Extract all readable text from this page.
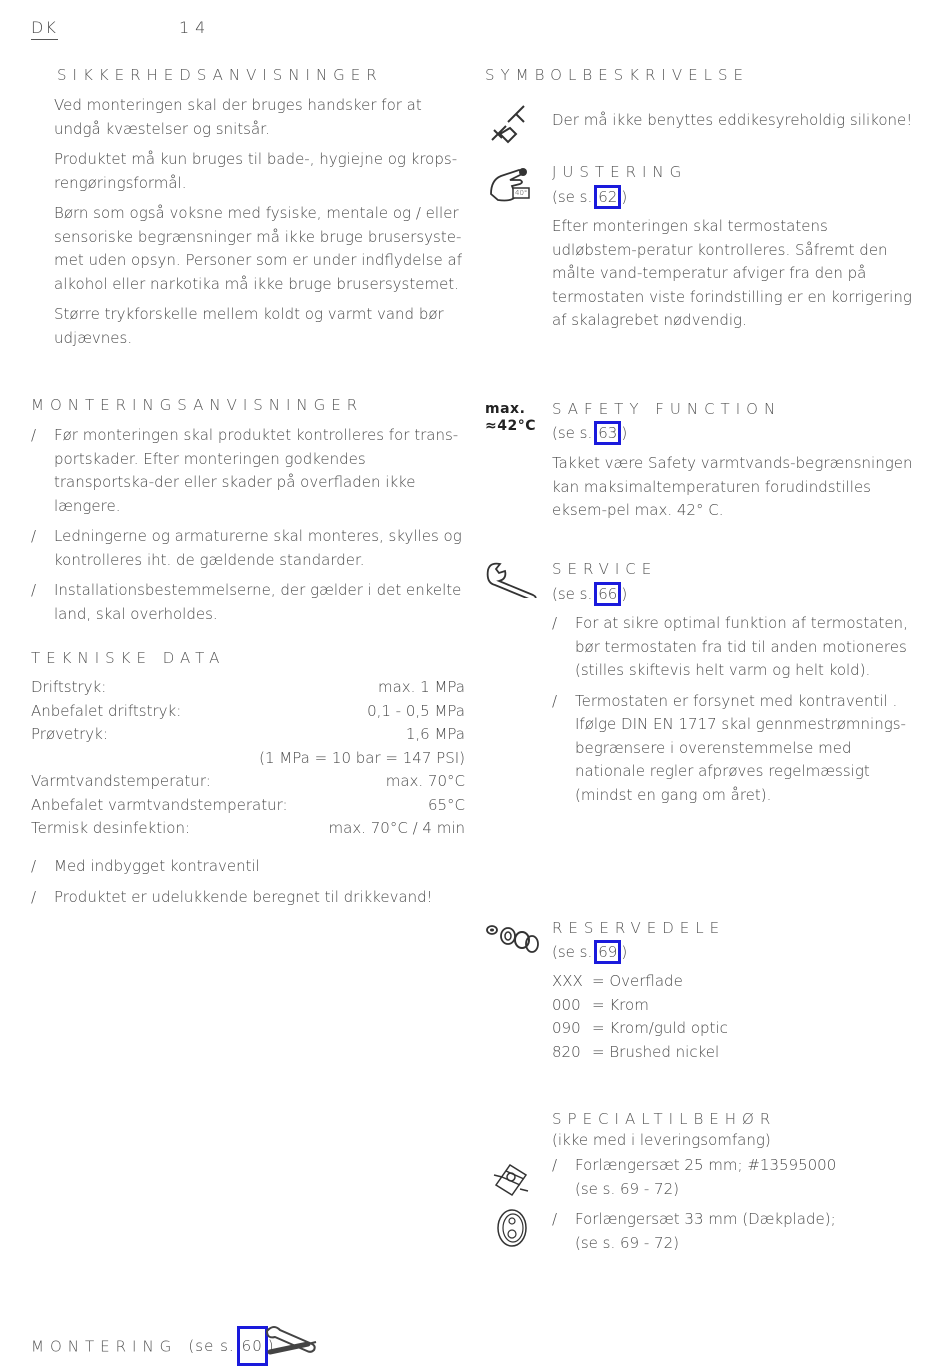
DK	14
SIKKERHEDSANVISNINGER
Ved monteringen skal der bruges handsker for at undgå kvæstelser og snitsår.
Produktet må kun bruges til bade-, hygiejne og krops-rengøringsformål.
Børn som også voksne med fysiske, mentale og / eller sensoriske begrænsninger må ikke bruge brusersyste-met uden opsyn. Personer som er under indflydelse af alkohol eller narkotika må ikke bruge brusersystemet.
Større trykforskelle mellem koldt og varmt vand bør udjævnes.
MONTERINGSANVISNINGER
/ Før monteringen skal produktet kontrolleres for trans-portskader. Efter monteringen godkendes transportska-der eller skader på overfladen ikke længere.
/ Ledningerne og armaturerne skal monteres, skylles og kontrolleres iht. de gældende standarder.
/ Installationsbestemmelserne, der gælder i det enkelte land, skal overholdes.
TEKNISKE DATA
Driftstryk:	max. 1 MPa
Anbefalet driftstryk:	0,1 - 0,5 MPa
Prøvetryk:	1,6 MPa
(1 MPa = 10 bar = 147 PSI)
Varmtvandstemperatur:	max. 70°C
Anbefalet varmtvandstemperatur:	65°C
Termisk desinfektion:	max. 70°C / 4 min
/ Med indbygget kontraventil
/ Produktet er udelukkende beregnet til drikkevand!
MONTERING (se s. 60 )
SYMBOLBESKRIVELSE
Der må ikke benyttes eddikesyreholdig silikone!
40°
JUSTERING
(se s. 62 )
Efter monteringen skal termostatens udløbstem-peratur kontrolleres. Såfremt den målte vand-temperatur afviger fra den på termostaten viste forindstilling er en korrigering af skalagrebet nødvendig.
max.
≈42°C
SAFETY FUNCTION
(se s. 63 )
Takket være Safety varmtvands-begrænsningen kan maksimaltemperaturen forudindstilles eksem-pel max. 42° C.
SERVICE
(se s. 66 )
/ For at sikre optimal funktion af termostaten, bør termostaten fra tid til anden motioneres (stilles skiftevis helt varm og helt kold).
/ Termostaten er forsynet med kontraventil . Ifølge DIN EN 1717 skal gennmestrømnings-begrænsere i overenstemmelse med nationale regler afprøves regelmæssigt (mindst en gang om året).
RESERVEDELE
(se s. 69 )
XXX = Overflade
000 = Krom
090 = Krom/guld optic
820 = Brushed nickel
SPECIALTILBEHØR
(ikke med i leveringsomfang)
/ Forlængersæt 25 mm; #13595000
(se s. 69 - 72)
/ Forlængersæt 33 mm (Dækplade);
(se s. 69 - 72)
